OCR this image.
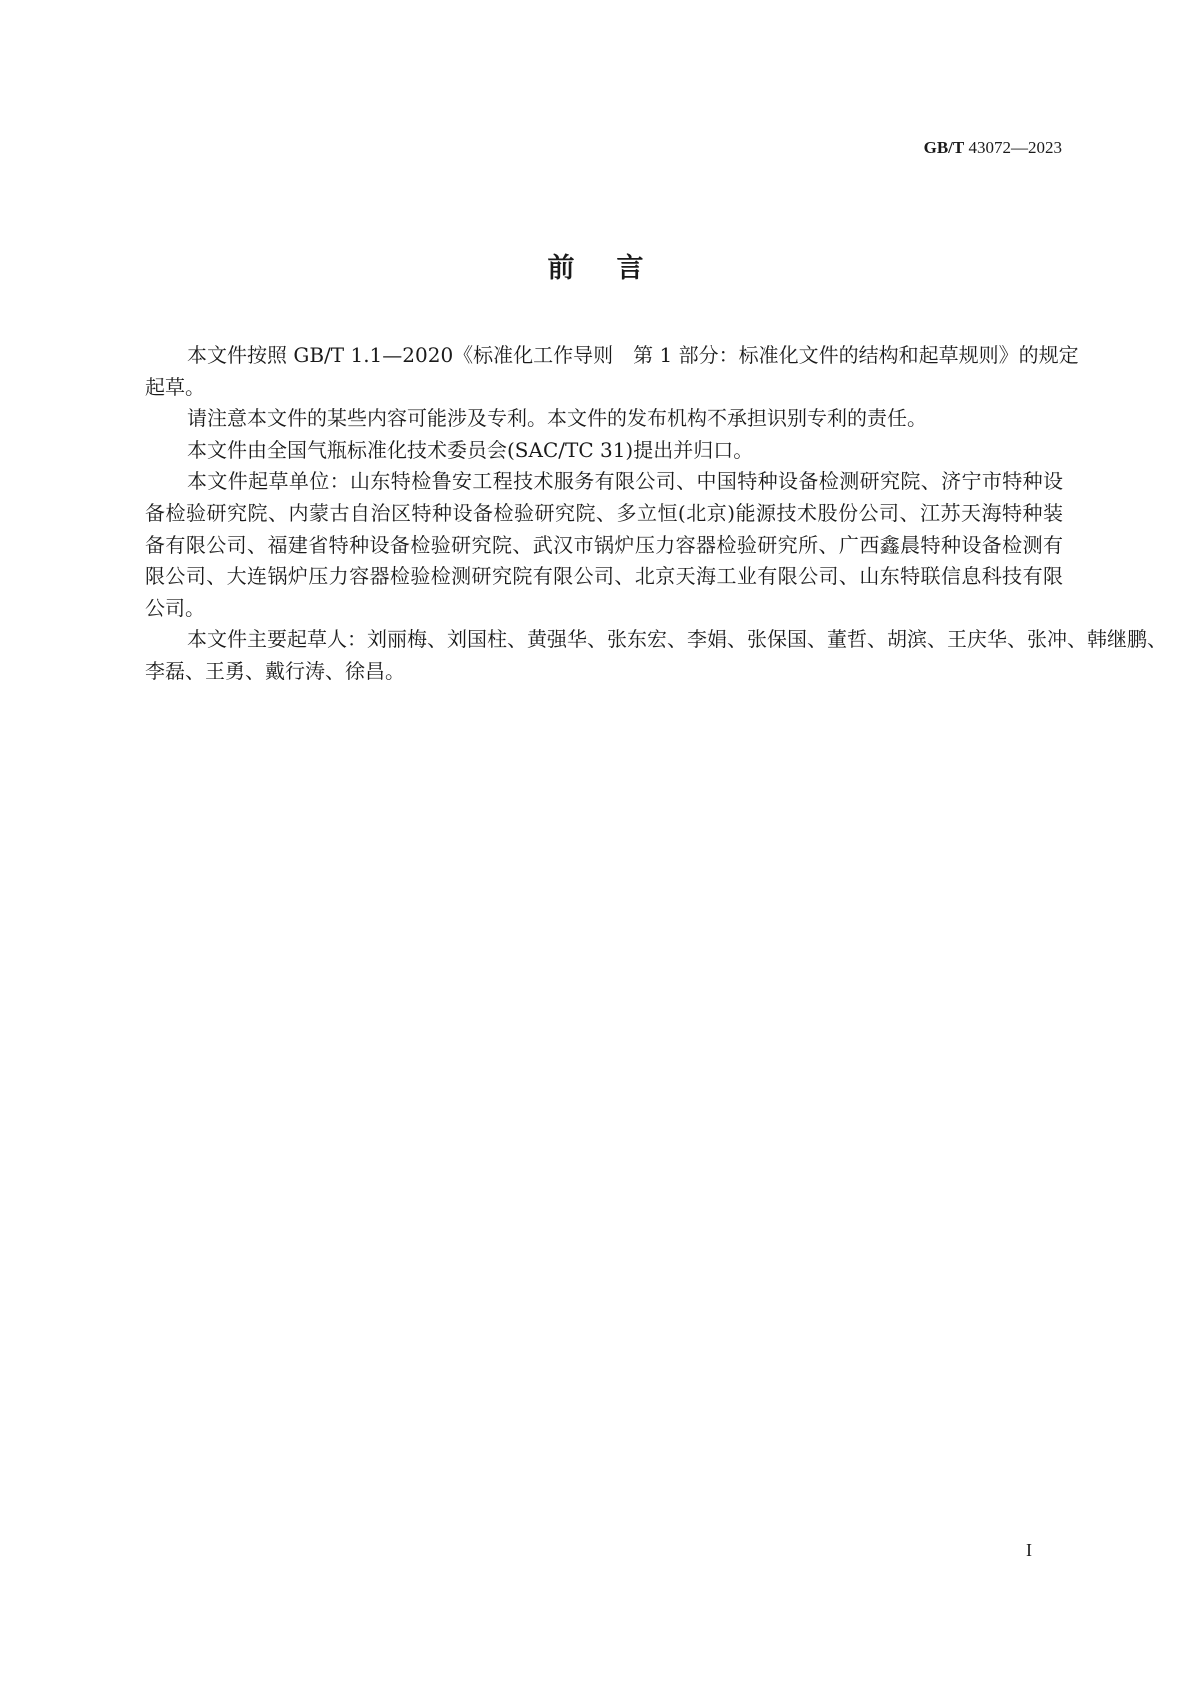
GB/T 43072—2023
前言
本文件按照 GB/T 1.1—2020《标准化工作导则　第 1 部分：标准化文件的结构和起草规则》的规定
起草。
请注意本文件的某些内容可能涉及专利。本文件的发布机构不承担识别专利的责任。
本文件由全国气瓶标准化技术委员会(SAC/TC 31)提出并归口。
本文件起草单位：山东特检鲁安工程技术服务有限公司、中国特种设备检测研究院、济宁市特种设
备检验研究院、内蒙古自治区特种设备检验研究院、多立恒(北京)能源技术股份公司、江苏天海特种装
备有限公司、福建省特种设备检验研究院、武汉市锅炉压力容器检验研究所、广西鑫晨特种设备检测有
限公司、大连锅炉压力容器检验检测研究院有限公司、北京天海工业有限公司、山东特联信息科技有限
公司。
本文件主要起草人：刘丽梅、刘国柱、黄强华、张东宏、李娟、张保国、董哲、胡滨、王庆华、张冲、韩继鹏、
李磊、王勇、戴行涛、徐昌。
I
